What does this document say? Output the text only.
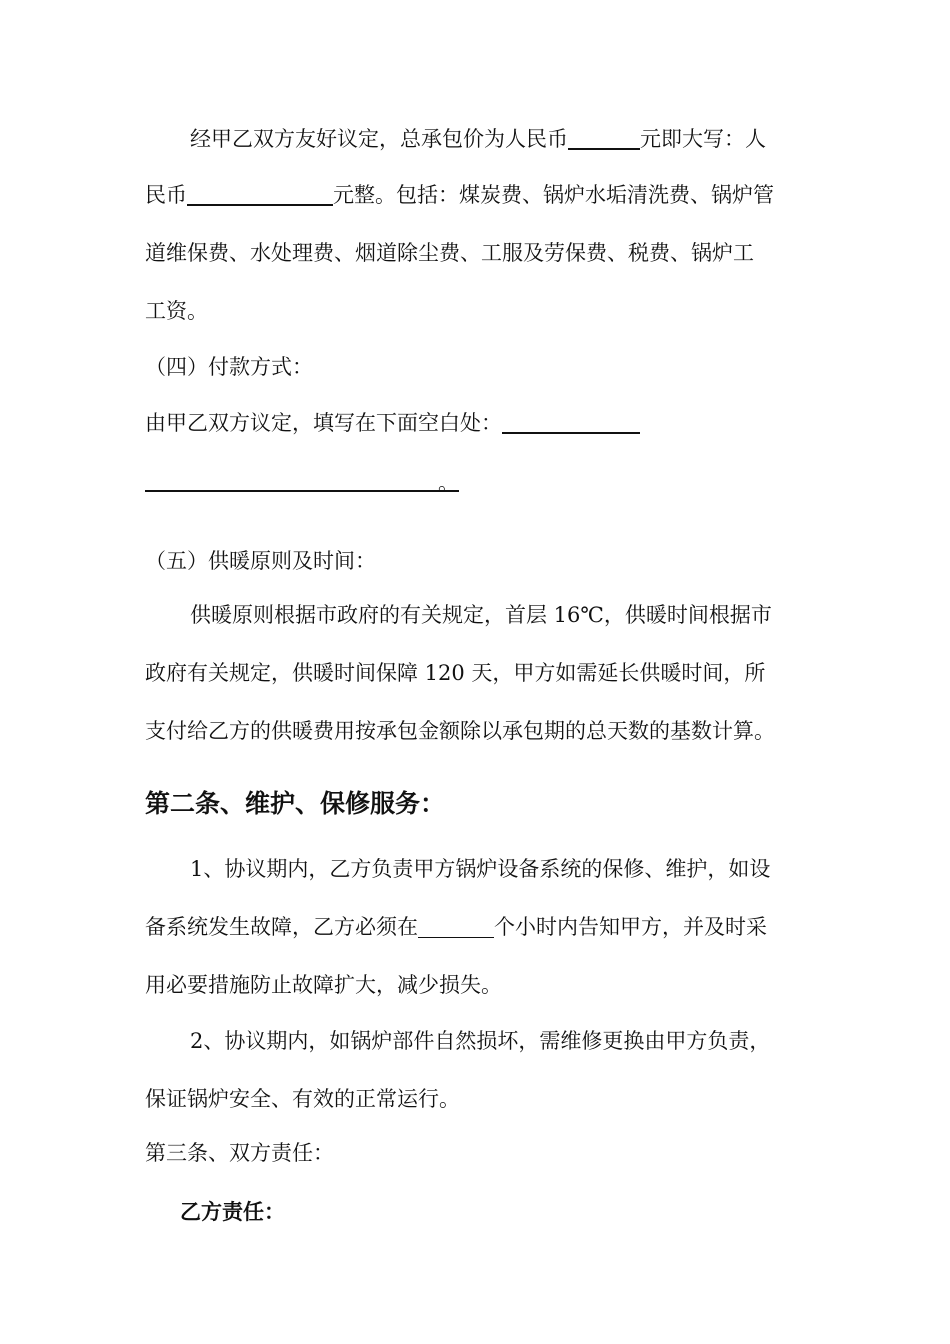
经甲乙双方友好议定，总承包价为人民币	元即大写：人
民币	元整。包括：煤炭费、锅炉水垢清洗费、锅炉管
道维保费、水处理费、烟道除尘费、工服及劳保费、税费、锅炉工
工资。
（四）付款方式：
由甲乙双方议定，填写在下面空白处：
。
（五）供暖原则及时间：
供暖原则根据市政府的有关规定，首层 16℃，供暖时间根据市
政府有关规定，供暖时间保障 120 天，甲方如需延长供暖时间，所
支付给乙方的供暖费用按承包金额除以承包期的总天数的基数计算。
第二条、维护、保修服务：
1、协议期内，乙方负责甲方锅炉设备系统的保修、维护，如设
备系统发生故障，乙方必须在	个小时内告知甲方，并及时采
用必要措施防止故障扩大，减少损失。
2、协议期内，如锅炉部件自然损坏，需维修更换由甲方负责，
保证锅炉安全、有效的正常运行。
第三条、双方责任：
乙方责任：
